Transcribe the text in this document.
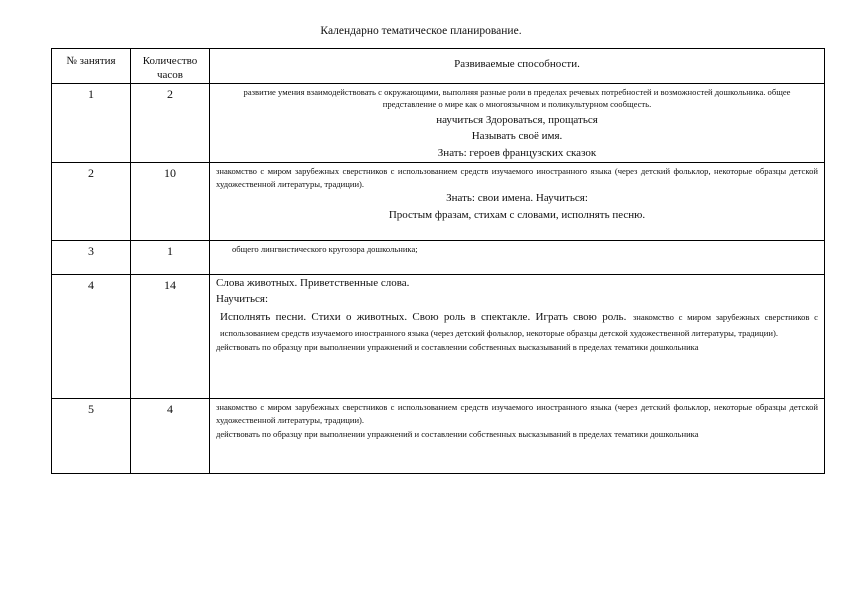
Календарно тематическое планирование.
№ занятия	Количество часов	Развиваемые способности.
1	2	развитие умения взаимодействовать с окружающими, выполняя разные роли в пределах речевых потребностей и возможностей дошкольника. общее представление о мире как о многоязычном и поликультурном сообщесть.

научиться Здороваться, прощаться

Называть своё имя.

Знать: героев французских сказок

2	10	знакомство с миром зарубежных сверстников с использованием средств изучаемого иностранного языка (через детский фольклор, некоторые образцы детской художественной литературы, традиции).

Знать: свои имена. Научиться:

Простым фразам, стихам с словами, исполнять песню.

3	1	общего лингвистического кругозора дошкольника;

4	14	Слова животных. Приветственные слова.

Научиться:

Исполнять песни. Стихи о животных. Свою роль в спектакле. Играть свою роль. знакомство с миром зарубежных сверстников с использованием средств изучаемого иностранного языка (через детский фольклор, некоторые образцы детской художественной литературы, традиции).

действовать по образцу при выполнении упражнений и составлении собственных высказываний в пределах тематики дошкольника

5	4	знакомство с миром зарубежных сверстников с использованием средств изучаемого иностранного языка (через детский фольклор, некоторые образцы детской художественной литературы, традиции).

действовать по образцу при выполнении упражнений и составлении собственных высказываний в пределах тематики дошкольника
